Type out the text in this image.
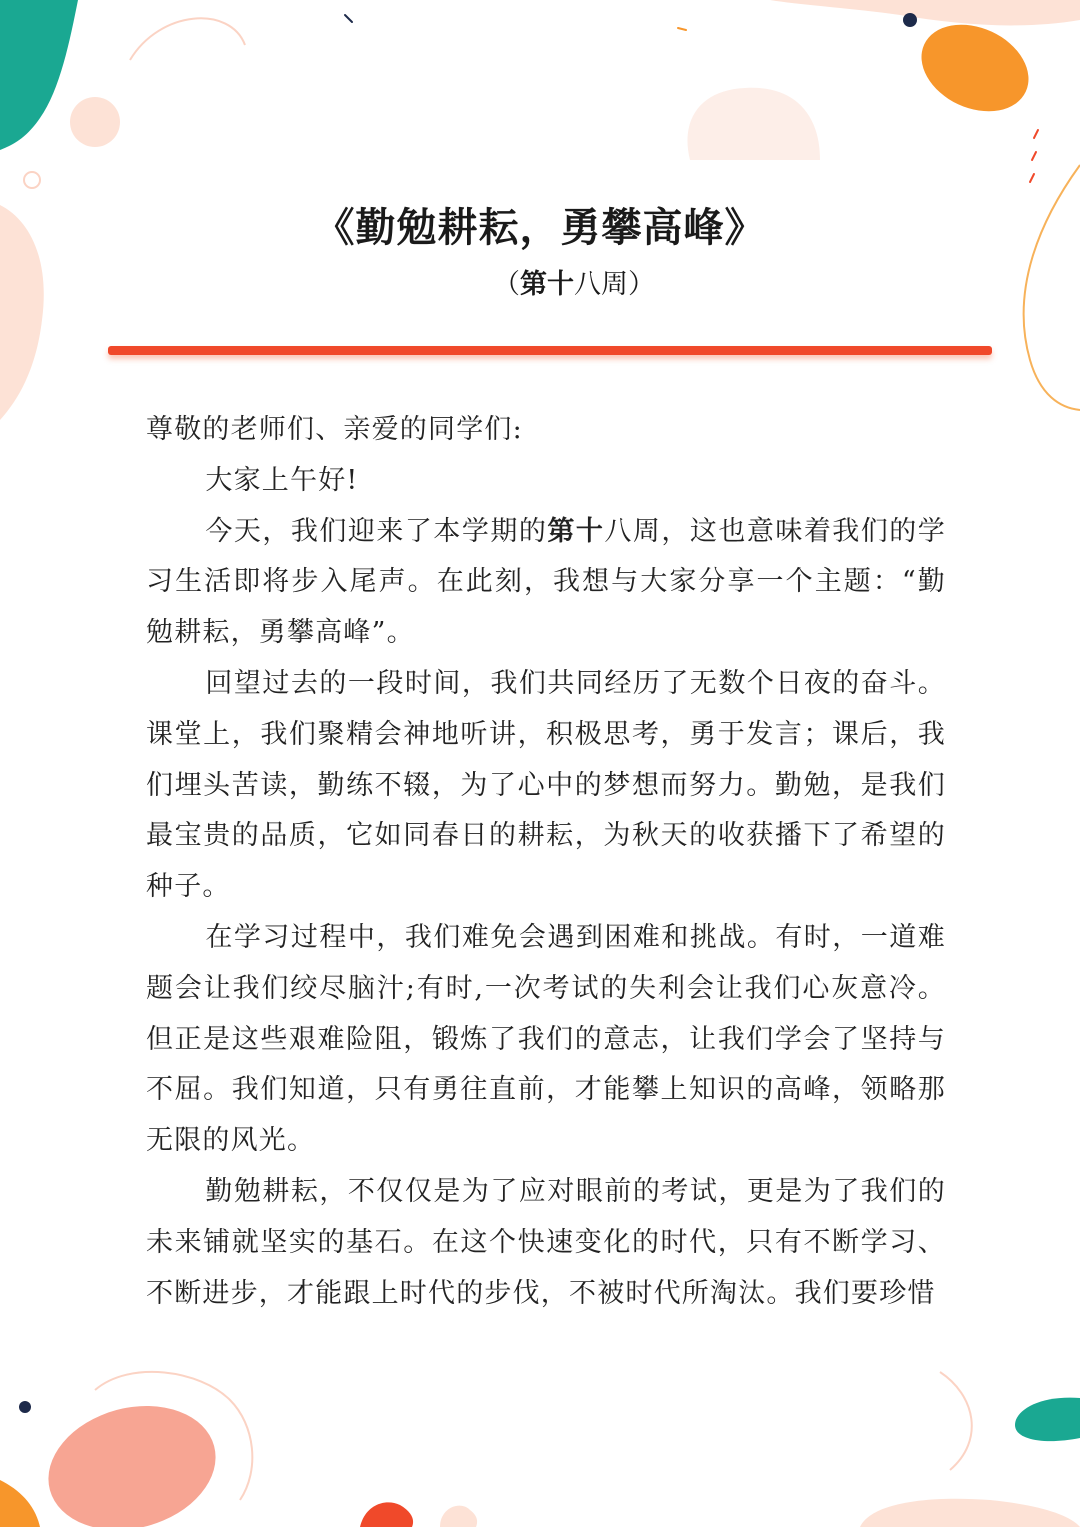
《勤勉耕耘，勇攀高峰》
（第十八周）

尊敬的老师们、亲爱的同学们:

大家上午好!

今天，我们迎来了本学期的第十八周，这也意味着我们的学习生活即将步入尾声。在此刻，我想与大家分享一个主题：“勤勉耕耘，勇攀高峰”。

回望过去的一段时间，我们共同经历了无数个日夜的奋斗。课堂上，我们聚精会神地听讲，积极思考，勇于发言；课后，我们埋头苦读，勤练不辍，为了心中的梦想而努力。勤勉，是我们最宝贵的品质，它如同春日的耕耘，为秋天的收获播下了希望的种子。

在学习过程中，我们难免会遇到困难和挑战。有时，一道难题会让我们绞尽脑汁;有时,一次考试的失利会让我们心灰意冷。但正是这些艰难险阻，锻炼了我们的意志，让我们学会了坚持与不屈。我们知道，只有勇往直前，才能攀上知识的高峰，领略那无限的风光。

勤勉耕耘，不仅仅是为了应对眼前的考试，更是为了我们的未来铺就坚实的基石。在这个快速变化的时代，只有不断学习、不断进步，才能跟上时代的步伐，不被时代所淘汰。我们要珍惜
